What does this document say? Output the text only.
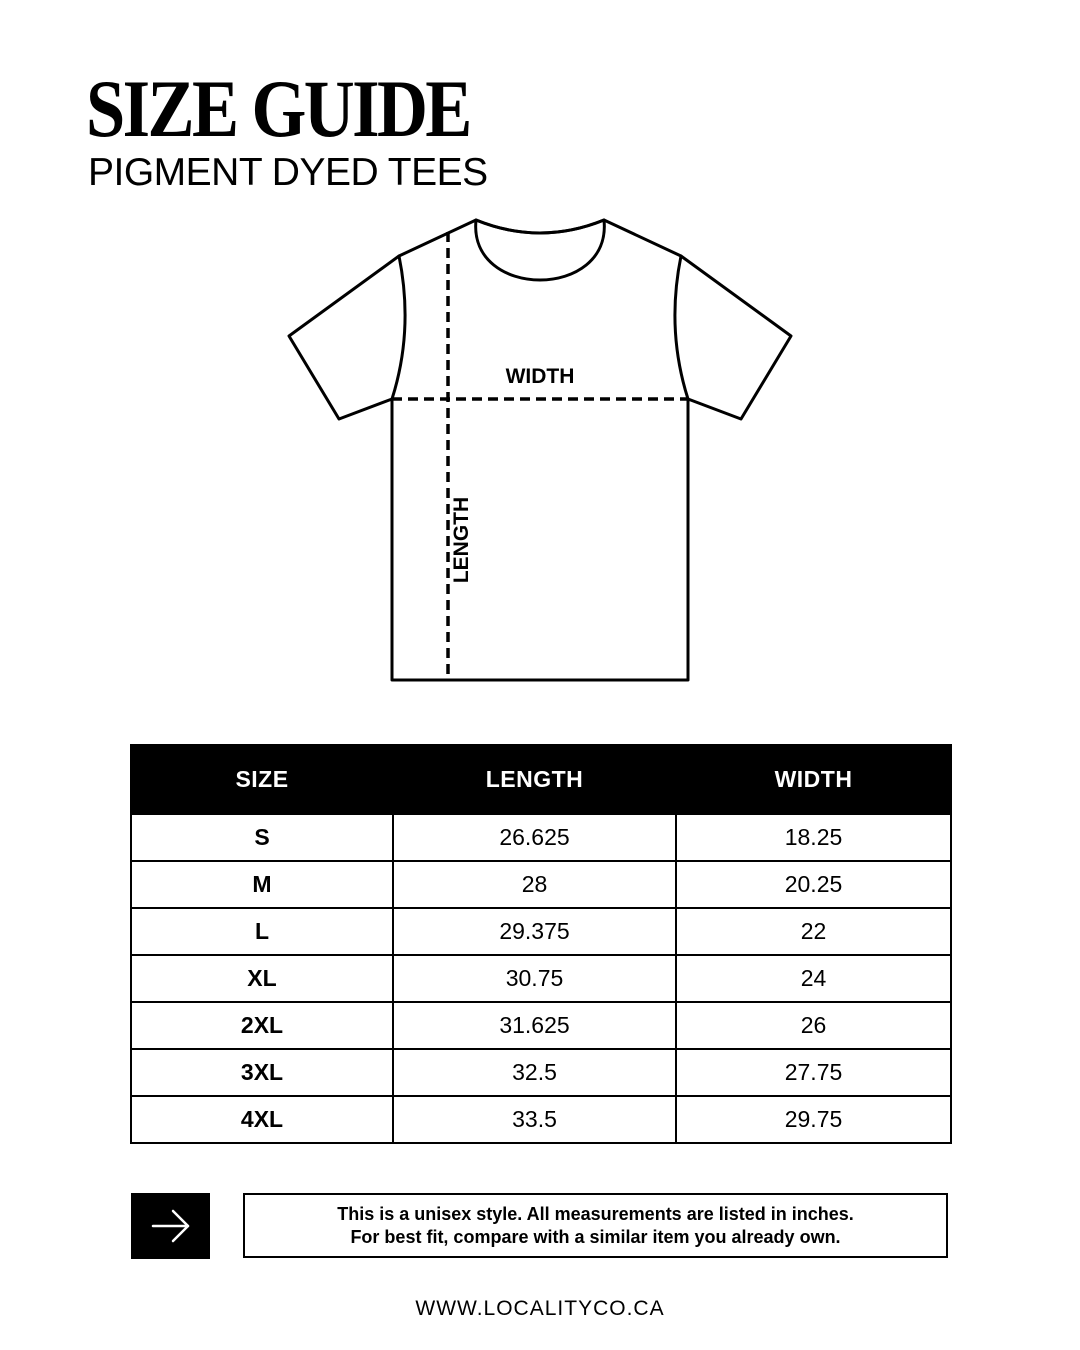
SIZE GUIDE
PIGMENT DYED TEES
WIDTH
LENGTH
SIZE	LENGTH	WIDTH
S	26.625	18.25
M	28	20.25
L	29.375	22
XL	30.75	24
2XL	31.625	26
3XL	32.5	27.75
4XL	33.5	29.75
This is a unisex style. All measurements are listed in inches.
For best fit, compare with a similar item you already own.
WWW.LOCALITYCO.CA
